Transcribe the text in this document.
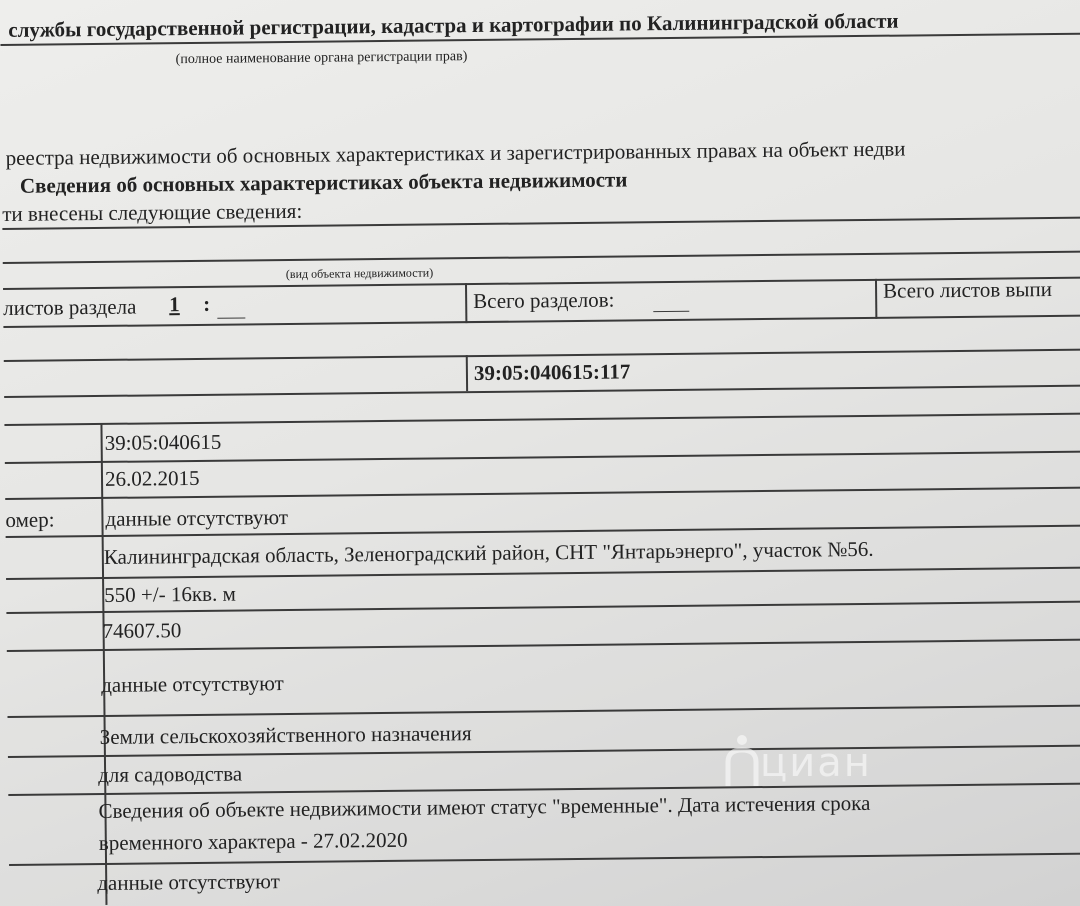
службы государственной регистрации, кадастра и картографии по Калининградской области
(полное наименование органа регистрации прав)
реестра недвижимости об основных характеристиках и зарегистрированных правах на объект недви
Сведения об основных характеристиках объекта недвижимости
ти внесены следующие сведения:
(вид объекта недвижимости)
листов раздела 1 :	Всего разделов:	Всего листов выпи
39:05:040615:117
39:05:040615
26.02.2015
омер: данные отсутствуют
Калининградская область, Зеленоградский район, СНТ "Янтарьэнерго", участок №56.
550 +/- 16кв. м
74607.50
данные отсутствуют
Земли сельскохозяйственного назначения
для садоводства
Сведения об объекте недвижимости имеют статус "временные". Дата истечения срока
временного характера - 27.02.2020
данные отсутствуют
циан
